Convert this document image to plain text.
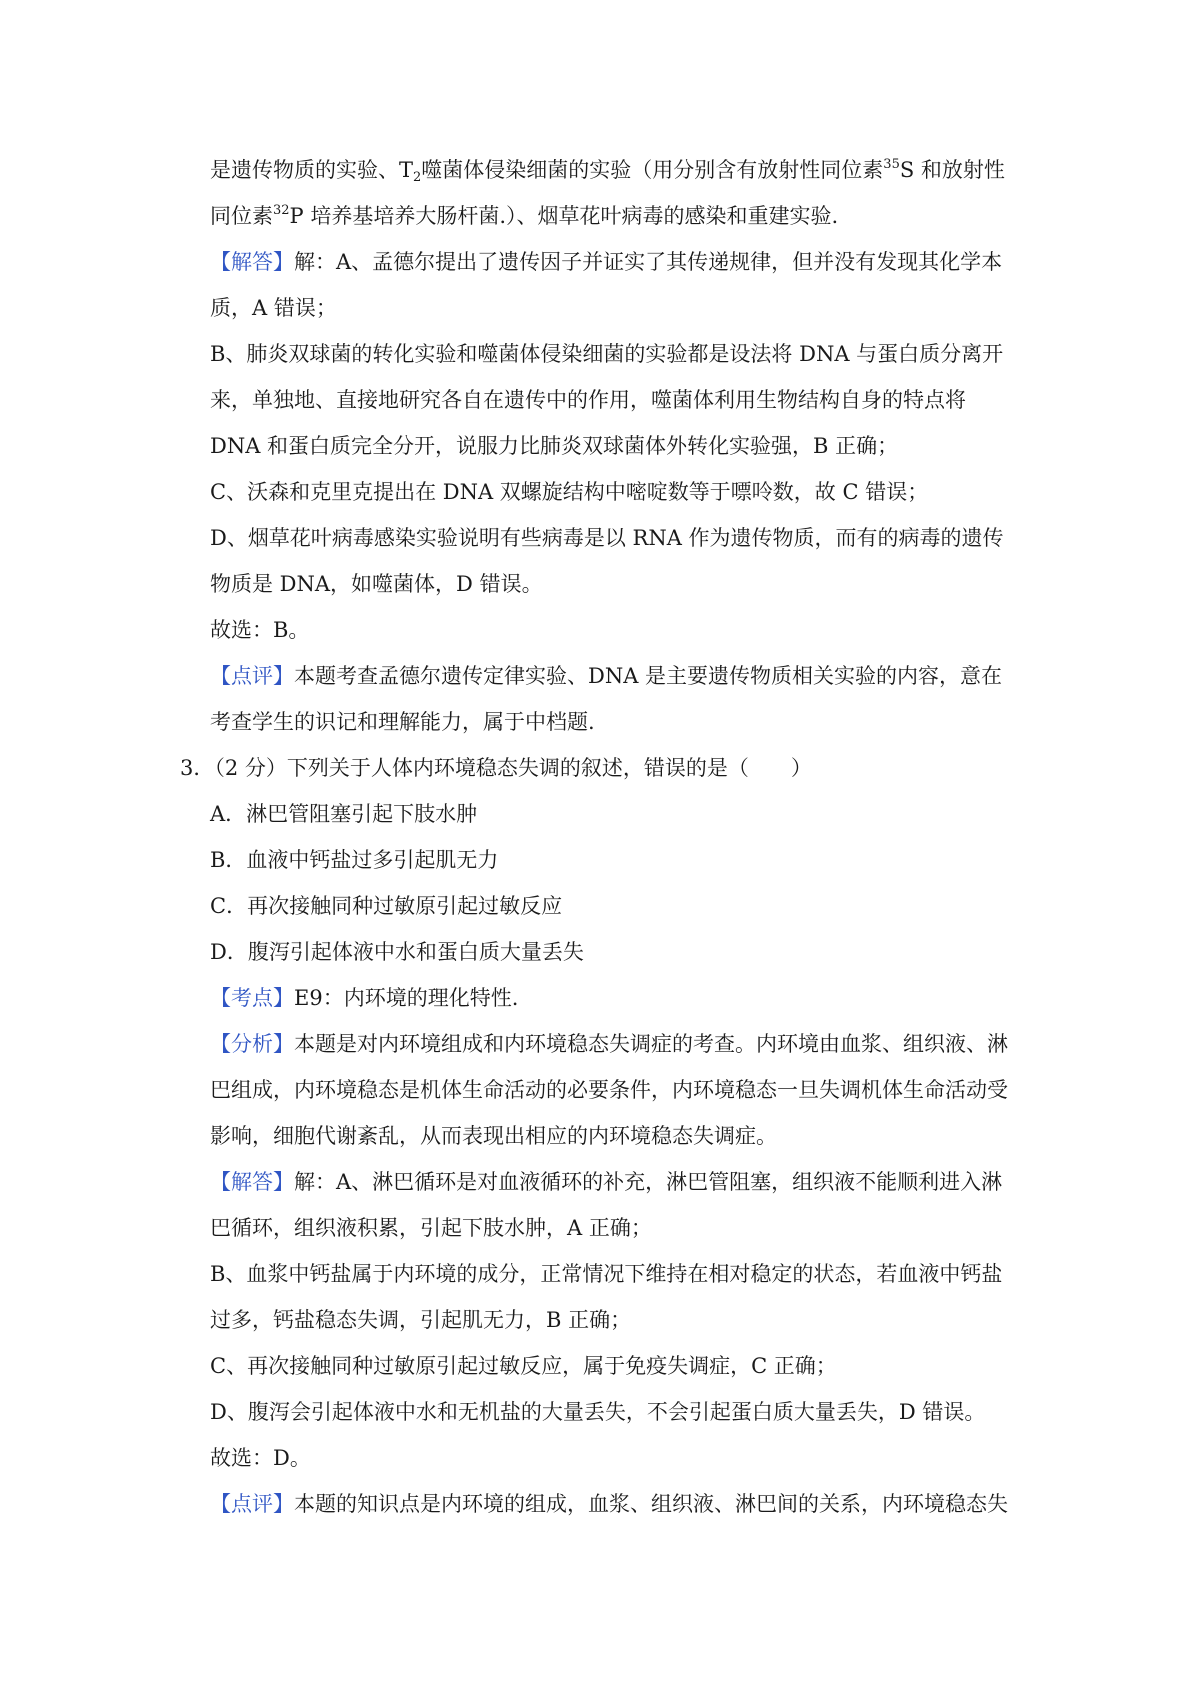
是遗传物质的实验、$T_2$噬菌体侵染细菌的实验（用分别含有放射性同位素$^{35}$S 和放射性
同位素$^{32}$P 培养基培养大肠杆菌.）、烟草花叶病毒的感染和重建实验.
【解答】解：A、孟德尔提出了遗传因子并证实了其传递规律，但并没有发现其化学本
质，A 错误；
B、肺炎双球菌的转化实验和噬菌体侵染细菌的实验都是设法将 DNA 与蛋白质分离开
来，单独地、直接地研究各自在遗传中的作用，噬菌体利用生物结构自身的特点将
DNA 和蛋白质完全分开，说服力比肺炎双球菌体外转化实验强，B 正确；
C、沃森和克里克提出在 DNA 双螺旋结构中嘧啶数等于嘌呤数，故 C 错误；
D、烟草花叶病毒感染实验说明有些病毒是以 RNA 作为遗传物质，而有的病毒的遗传
物质是 DNA，如噬菌体，D 错误。
故选：B。
【点评】本题考查孟德尔遗传定律实验、DNA 是主要遗传物质相关实验的内容，意在
考查学生的识记和理解能力，属于中档题.
3．（2 分）下列关于人体内环境稳态失调的叙述，错误的是（　　）
A．淋巴管阻塞引起下肢水肿
B．血液中钙盐过多引起肌无力
C．再次接触同种过敏原引起过敏反应
D．腹泻引起体液中水和蛋白质大量丢失
【考点】E9：内环境的理化特性.
【分析】本题是对内环境组成和内环境稳态失调症的考查。内环境由血浆、组织液、淋
巴组成，内环境稳态是机体生命活动的必要条件，内环境稳态一旦失调机体生命活动受
影响，细胞代谢紊乱，从而表现出相应的内环境稳态失调症。
【解答】解：A、淋巴循环是对血液循环的补充，淋巴管阻塞，组织液不能顺利进入淋
巴循环，组织液积累，引起下肢水肿，A 正确；
B、血浆中钙盐属于内环境的成分，正常情况下维持在相对稳定的状态，若血液中钙盐
过多，钙盐稳态失调，引起肌无力，B 正确；
C、再次接触同种过敏原引起过敏反应，属于免疫失调症，C 正确；
D、腹泻会引起体液中水和无机盐的大量丢失，不会引起蛋白质大量丢失，D 错误。
故选：D。
【点评】本题的知识点是内环境的组成，血浆、组织液、淋巴间的关系，内环境稳态失
